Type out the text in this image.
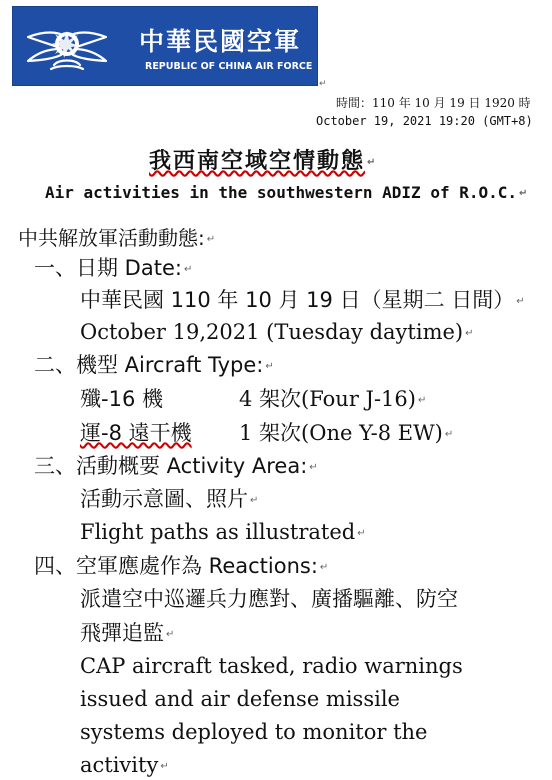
中華民國空軍
REPUBLIC OF CHINA AIR FORCE
↵
時間：110 年 10 月 19 日 1920 時
October 19, 2021 19:20 (GMT+8)
我西南空域空情動態 ↵
Air activities in the southwestern ADIZ of R.O.C. ↵
中共解放軍活動動態: ↵
一、日期 Date: ↵
中華民國 110 年 10 月 19 日（星期二 日間） ↵
October 19,2021 (Tuesday daytime) ↵
二、機型 Aircraft Type: ↵
殲-16 機	4 架次(Four J-16) ↵
運-8 遠干機 1 架次(One Y-8 EW) ↵
三、活動概要 Activity Area: ↵
活動示意圖、照片 ↵
Flight paths as illustrated ↵
四、空軍應處作為 Reactions: ↵
派遣空中巡邏兵力應對、廣播驅離、防空
飛彈追監 ↵
CAP aircraft tasked, radio warnings
issued and air defense missile
systems deployed to monitor the
activity ↵
